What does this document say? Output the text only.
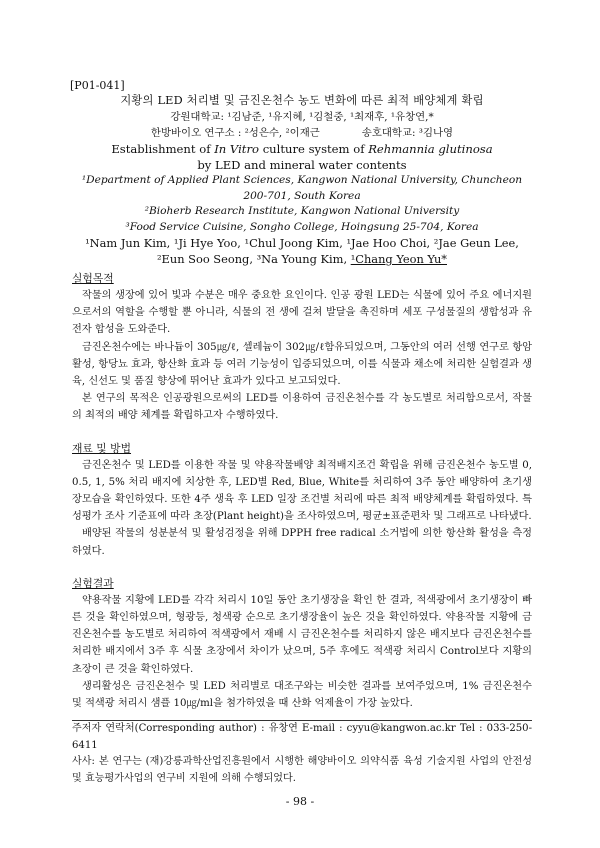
[P01-041]
지황의 LED 처리별 및 금진온천수 농도 변화에 따른 최적 배양체계 확립
강원대학교: ¹김남준, ¹유지혜, ¹김철중, ¹최재후, ¹유창연,*
한방바이오 연구소 : ²성은수, ²이재근	송호대학교: ³김나영
Establishment of In Vitro culture system of Rehmannia glutinosa
by LED and mineral water contents
¹Department of Applied Plant Sciences, Kangwon National University, Chuncheon 200-701, South Korea
²Bioherb Research Institute, Kangwon National University
³Food Service Cuisine, Songho College, Hoingsung 25-704, Korea
¹Nam Jun Kim, ¹Ji Hye Yoo, ¹Chul Joong Kim, ¹Jae Hoo Choi, ²Jae Geun Lee, ²Eun Soo Seong, ³Na Young Kim, ¹Chang Yeon Yu*
실험목적

작물의 생장에 있어 빛과 수분은 매우 중요한 요인이다. 인공 광원 LED는 식물에 있어 주요 에너지원으로서의 역할을 수행할 뿐 아니라, 식물의 전 생에 걸쳐 발달을 촉진하며 세포 구성물질의 생합성과 유전자 합성을 도와준다.

금진온천수에는 바나듐이 305㎍/ℓ, 셀레늄이 302㎍/ℓ함유되었으며, 그동안의 여러 선행 연구로 항암활성, 항당뇨 효과, 항산화 효과 등 여러 기능성이 입증되었으며, 이를 식물과 채소에 처리한 실험결과 생육, 신선도 및 품질 향상에 뛰어난 효과가 있다고 보고되었다.

본 연구의 목적은 인공광원으로써의 LED를 이용하여 금진온천수를 각 농도별로 처리함으로서, 작물의 최적의 배양 체계를 확립하고자 수행하였다.

재료 및 방법

금진온천수 및 LED를 이용한 작물 및 약용작물배양 최적배지조건 확립을 위해 금진온천수 농도별 0, 0.5, 1, 5% 처리 배지에 치상한 후, LED별 Red, Blue, White를 처리하여 3주 동안 배양하여 초기생장모습을 확인하였다. 또한 4주 생육 후 LED 일장 조건별 처리에 따른 최적 배양체계를 확립하였다. 특성평가 조사 기준표에 따라 초장(Plant height)을 조사하였으며, 평균±표준편차 및 그래프로 나타냈다.

배양된 작물의 성분분석 및 활성검정을 위해 DPPH free radical 소거법에 의한 항산화 활성을 측정하였다.

실험결과

약용작물 지황에 LED를 각각 처리시 10일 동안 초기생장을 확인 한 결과, 적색광에서 초기생장이 빠른 것을 확인하였으며, 형광등, 청색광 순으로 초기생장율이 높은 것을 확인하였다. 약용작물 지황에 금진온천수를 농도별로 처리하여 적색광에서 재배 시 금진온천수를 처리하지 않은 배지보다 금진온천수를 처리한 배지에서 3주 후 식물 초장에서 차이가 났으며, 5주 후에도 적색광 처리시 Control보다 지황의 초장이 큰 것을 확인하였다.

생리활성은 금진온천수 및 LED 처리별로 대조구와는 비슷한 결과를 보여주었으며, 1% 금진온천수 및 적색광 처리시 샘플 10㎍/ml을 첨가하였을 때 산화 억제율이 가장 높았다.

주저자 연락처(Corresponding author) : 유창연 E-mail : cyyu@kangwon.ac.kr Tel : 033-250-6411

사사: 본 연구는 (재)강릉과학산업진흥원에서 시행한 해양바이오 의약식품 육성 기술지원 사업의 안전성 및 효능평가사업의 연구비 지원에 의해 수행되었다.

- 98 -
